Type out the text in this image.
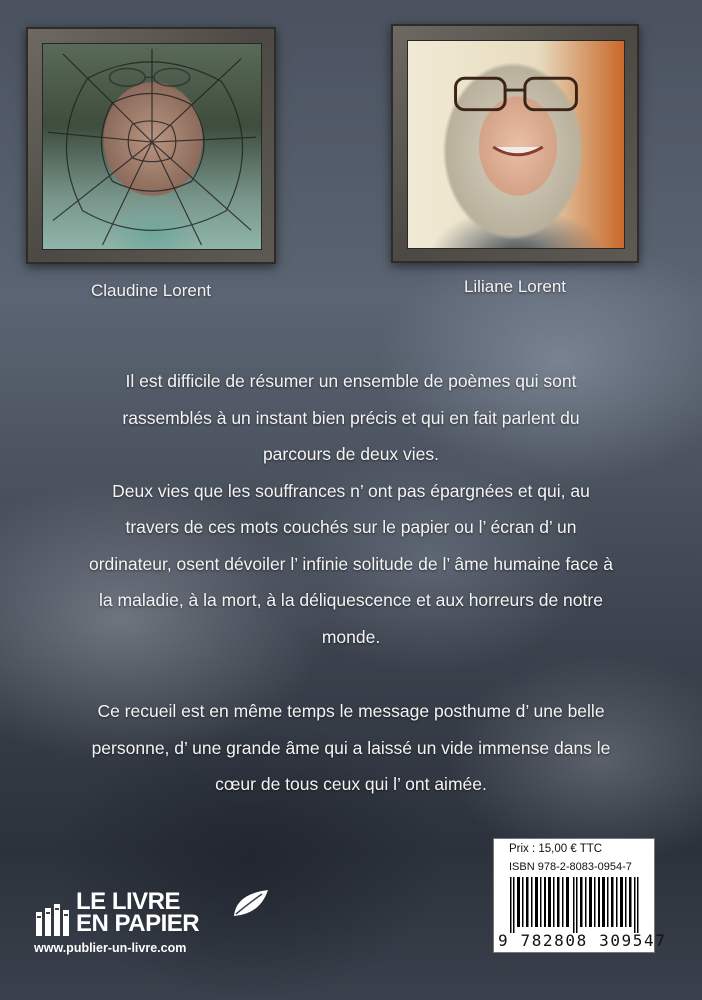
Claudine Lorent	Liliane Lorent

Il est difficile de résumer un ensemble de poèmes qui sont

rassemblés à un instant bien précis et qui en fait parlent du

parcours de deux vies.

Deux vies que les souffrances n’ ont pas épargnées et qui, au

travers de ces mots couchés sur le papier ou l’ écran d’ un

ordinateur, osent dévoiler l’ infinie solitude de l’ âme humaine face à

la maladie, à la mort, à la déliquescence et aux horreurs de notre

monde.

Ce recueil est en même temps le message posthume d’ une belle

personne, d’ une grande âme qui a laissé un vide immense dans le

cœur de tous ceux qui l’ ont aimée.

Prix : 15,00 € TTC
ISBN 978-2-8083-0954-7
9 782808 309547
LE LIVRE
EN PAPIER
www.publier-un-livre.com
